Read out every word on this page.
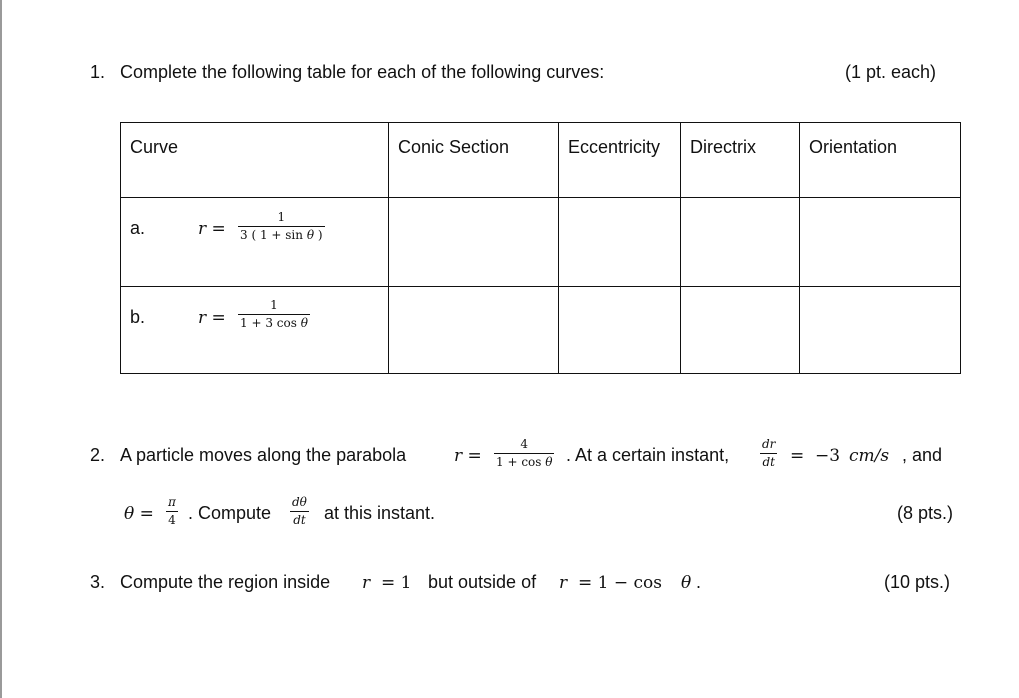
1. Complete the following table for each of the following curves:	(1 pt. each)
Curve	Conic Section	Eccentricity	Directrix	Orientation

a. r =
1
3 ( 1 + sin θ )				

b. r =
1
1 + 3 cos θ				

2. A particle moves along the parabola	r =
4
1 + cos θ . At a certain instant,
dr
dt = −3 cm/s , and
θ =
π
4 . Compute
dθ
dt at this instant.	(8 pts.)
3. Compute the region inside r = 1 but outside of r = 1 − cos θ .	(10 pts.)
